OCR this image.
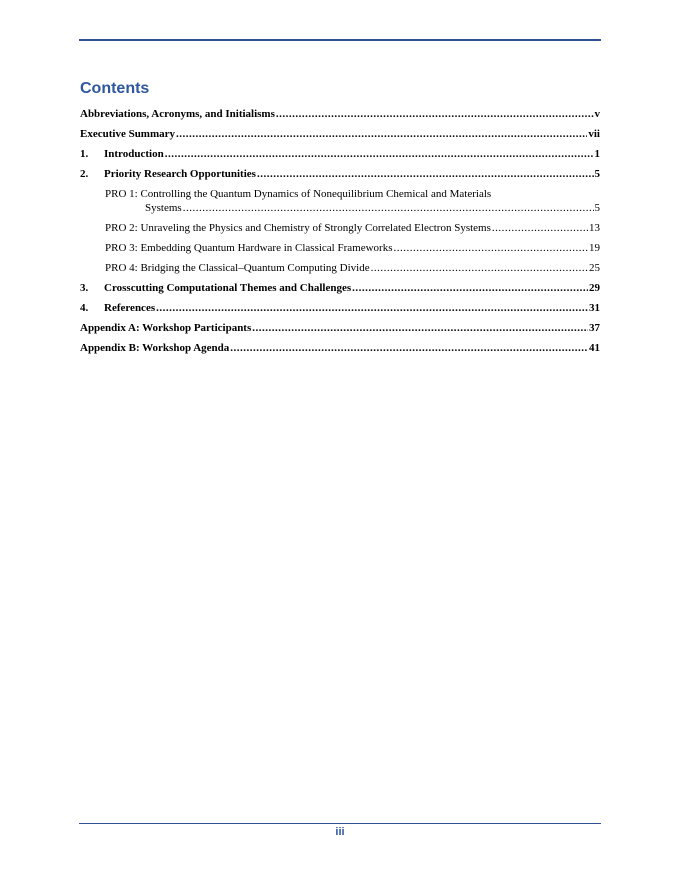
Contents
Abbreviations, Acronyms, and Initialisms .....	v
Executive Summary .....	vii
1.	Introduction .....	1
2.	Priority Research Opportunities .....	5
PRO 1: Controlling the Quantum Dynamics of Nonequilibrium Chemical and Materials
Systems .....	5
PRO 2: Unraveling the Physics and Chemistry of Strongly Correlated Electron Systems .....	13
PRO 3: Embedding Quantum Hardware in Classical Frameworks .....	19
PRO 4: Bridging the Classical–Quantum Computing Divide .....	25
3.	Crosscutting Computational Themes and Challenges .....	29
4.	References .....	31
Appendix A: Workshop Participants .....	37
Appendix B: Workshop Agenda .....	41
iii
